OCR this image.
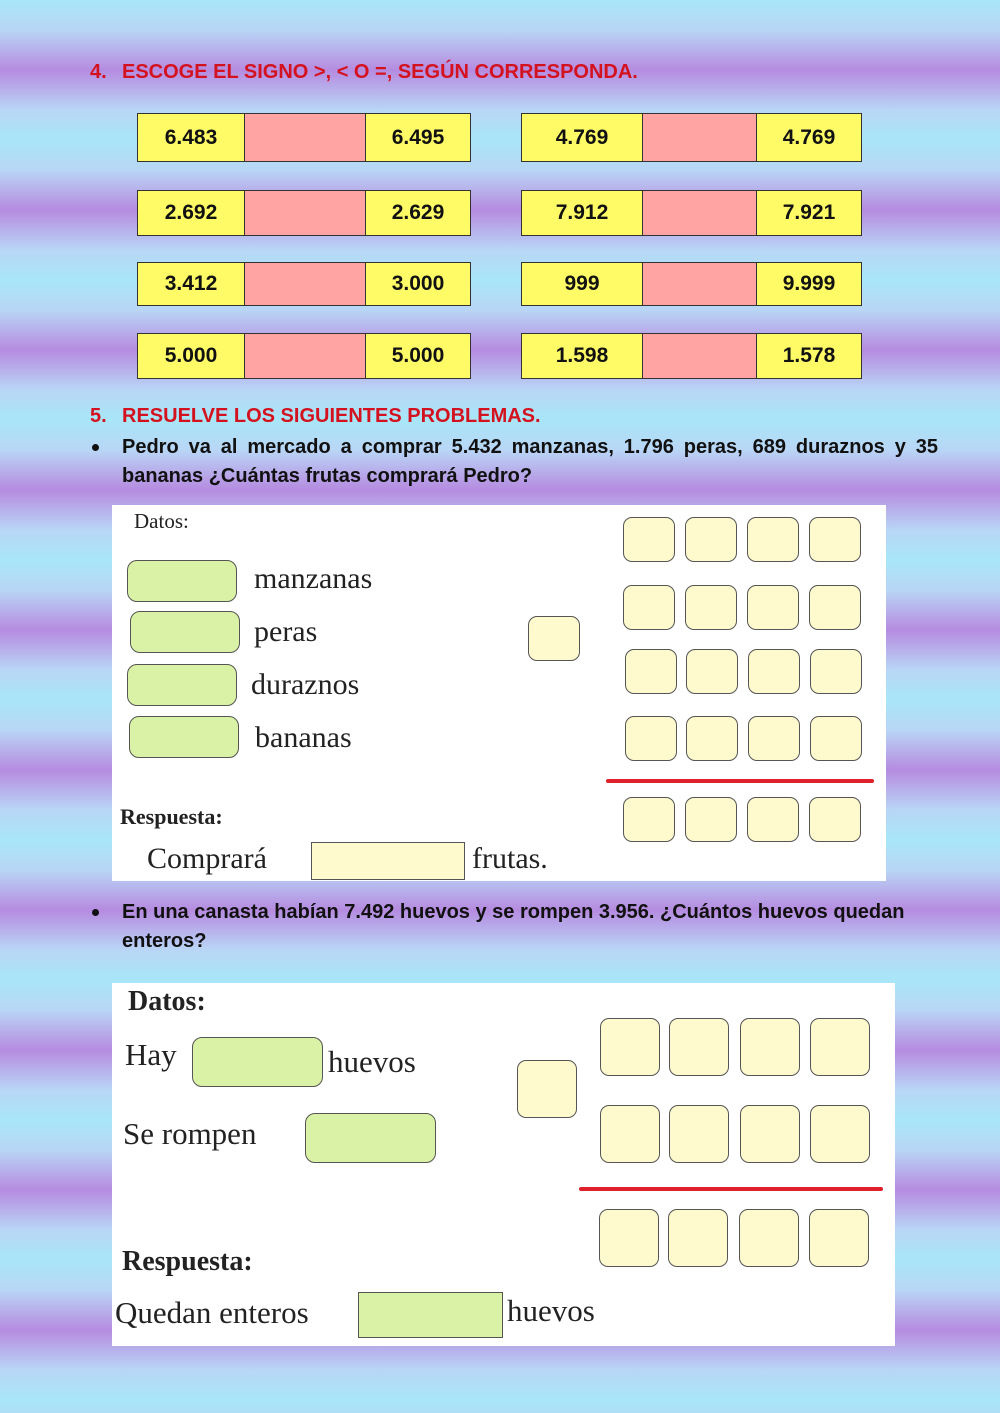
4. ESCOGE EL SIGNO >, < O =, SEGÚN CORRESPONDA.
6.483	6.495
2.692	2.629
3.412	3.000
5.000	5.000
4.769	4.769
7.912	7.921
999	9.999
1.598	1.578
5. RESUELVE LOS SIGUIENTES PROBLEMAS.
Pedro va al mercado a comprar 5.432 manzanas, 1.796 peras, 689 duraznos y 35 bananas ¿Cuántas frutas comprará Pedro?
Datos:
manzanas
peras
duraznos
bananas
Respuesta:
Comprará	frutas.
En una canasta habían 7.492 huevos y se rompen 3.956. ¿Cuántos huevos quedan enteros?
Datos:
Hay	huevos
Se rompen
Respuesta:
Quedan enteros	huevos
